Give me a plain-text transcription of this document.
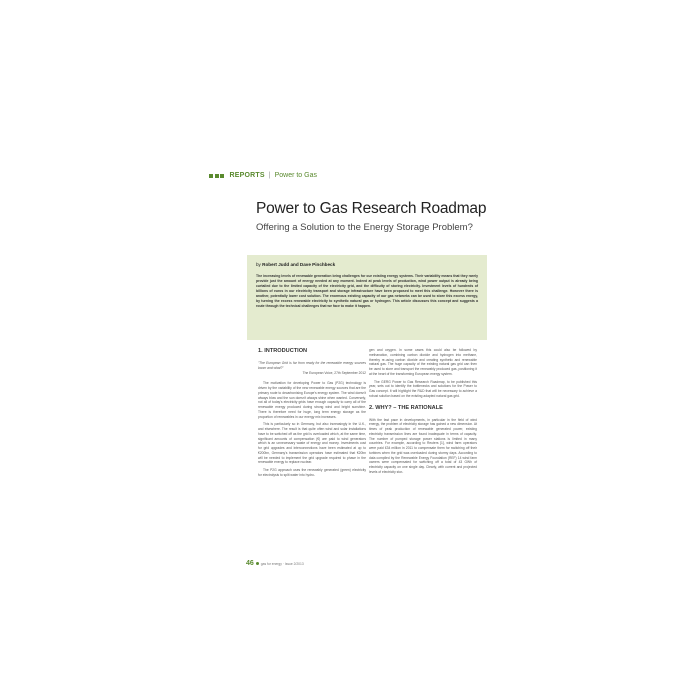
REPORTS | Power to Gas
Power to Gas Research Roadmap
Offering a Solution to the Energy Storage Problem?
by Robert Judd and Dave Pinchbeck
The increasing levels of renewable generation bring challenges for our existing energy systems. Their variability means that they rarely provide just the amount of energy needed at any moment. Indeed at peak levels of production, wind power output is already being curtailed due to the limited capacity of the electricity grid, and the difficulty of storing electricity. Investment levels of hundreds of billions of euros in our electricity transport and storage infrastructure have been proposed to meet this challenge. However there is another, potentially lower cost solution. The enormous existing capacity of our gas networks can be used to store this excess energy, by turning the excess renewable electricity to synthetic natural gas or hydrogen. This article discusses this concept and suggests a route through the technical challenges that we face to make it happen.
1. INTRODUCTION

"The European Grid is far from ready for the renewable energy sources boom and what?"

The European Voice, 27th September 2012

The motivation for developing Power to Gas (P2G) technology is driven by the variability of the new renewable energy sources that are the primary route to decarbonising Europe's energy system. The wind doesn't always blow and the sun doesn't always shine when wanted. Conversely, not all of today's electricity grids have enough capacity to carry all of the renewable energy produced during strong wind and bright sunshine. There is therefore need for huge, long term energy storage as the proportion of renewables in our energy mix increases.

This is particularly so in Germany, but also increasingly in the U.K., and elsewhere. The result is that quite often wind and solar installations have to be switched off as the grid is overloaded which, at the same time, significant amounts of compensation (€) are paid to wind generators which is an unnecessary waste of energy and money. Investments cost for grid upgrades and interconnections have been estimated at up to €200bn, Germany's transmission operators have estimated that €20bn will be needed to implement the grid upgrade required to phase in the renewable energy to replace nuclear.

The P2G approach uses the renewably generated (green) electricity for electrolysis to split water into hydro-

gen and oxygen. In some cases this could also be followed by methanation, combining carbon dioxide and hydrogen into methane, thereby re-using carbon dioxide and creating synthetic and renewable natural gas. The huge capacity of the existing natural gas grid can then be used to store and transport the renewably produced gas, positioning it at the heart of the transforming European energy system.

The GERG Power to Gas Research Roadmap, to be published this year, sets out to identify the bottlenecks and solutions for the Power to Gas concept. It will highlight the R&D that will be necessary to achieve a robust solution based on the existing adapted natural gas grid.

2. WHY? – THE RATIONALE

With the fast pace in developments, in particular in the field of wind energy, the problem of electricity storage has gained a new dimension. At times of peak production of renewable generated power, existing electricity transmission lines are found inadequate in terms of capacity. The number of pumped storage power stations is limited in many countries. For example, according to Reuters [1], wind farm operators were paid £34 million in 2011 to compensate them for switching off their turbines when the grid was overloaded during stormy days. According to data compiled by the Renewable Energy Foundation (REF) 14 wind farm owners were compensated for switching off a total of 43 GWh of electricity capacity on one single day. Clearly, with current and projected levels of electricity stor-

46 gas for energy · Issue 2/2013
